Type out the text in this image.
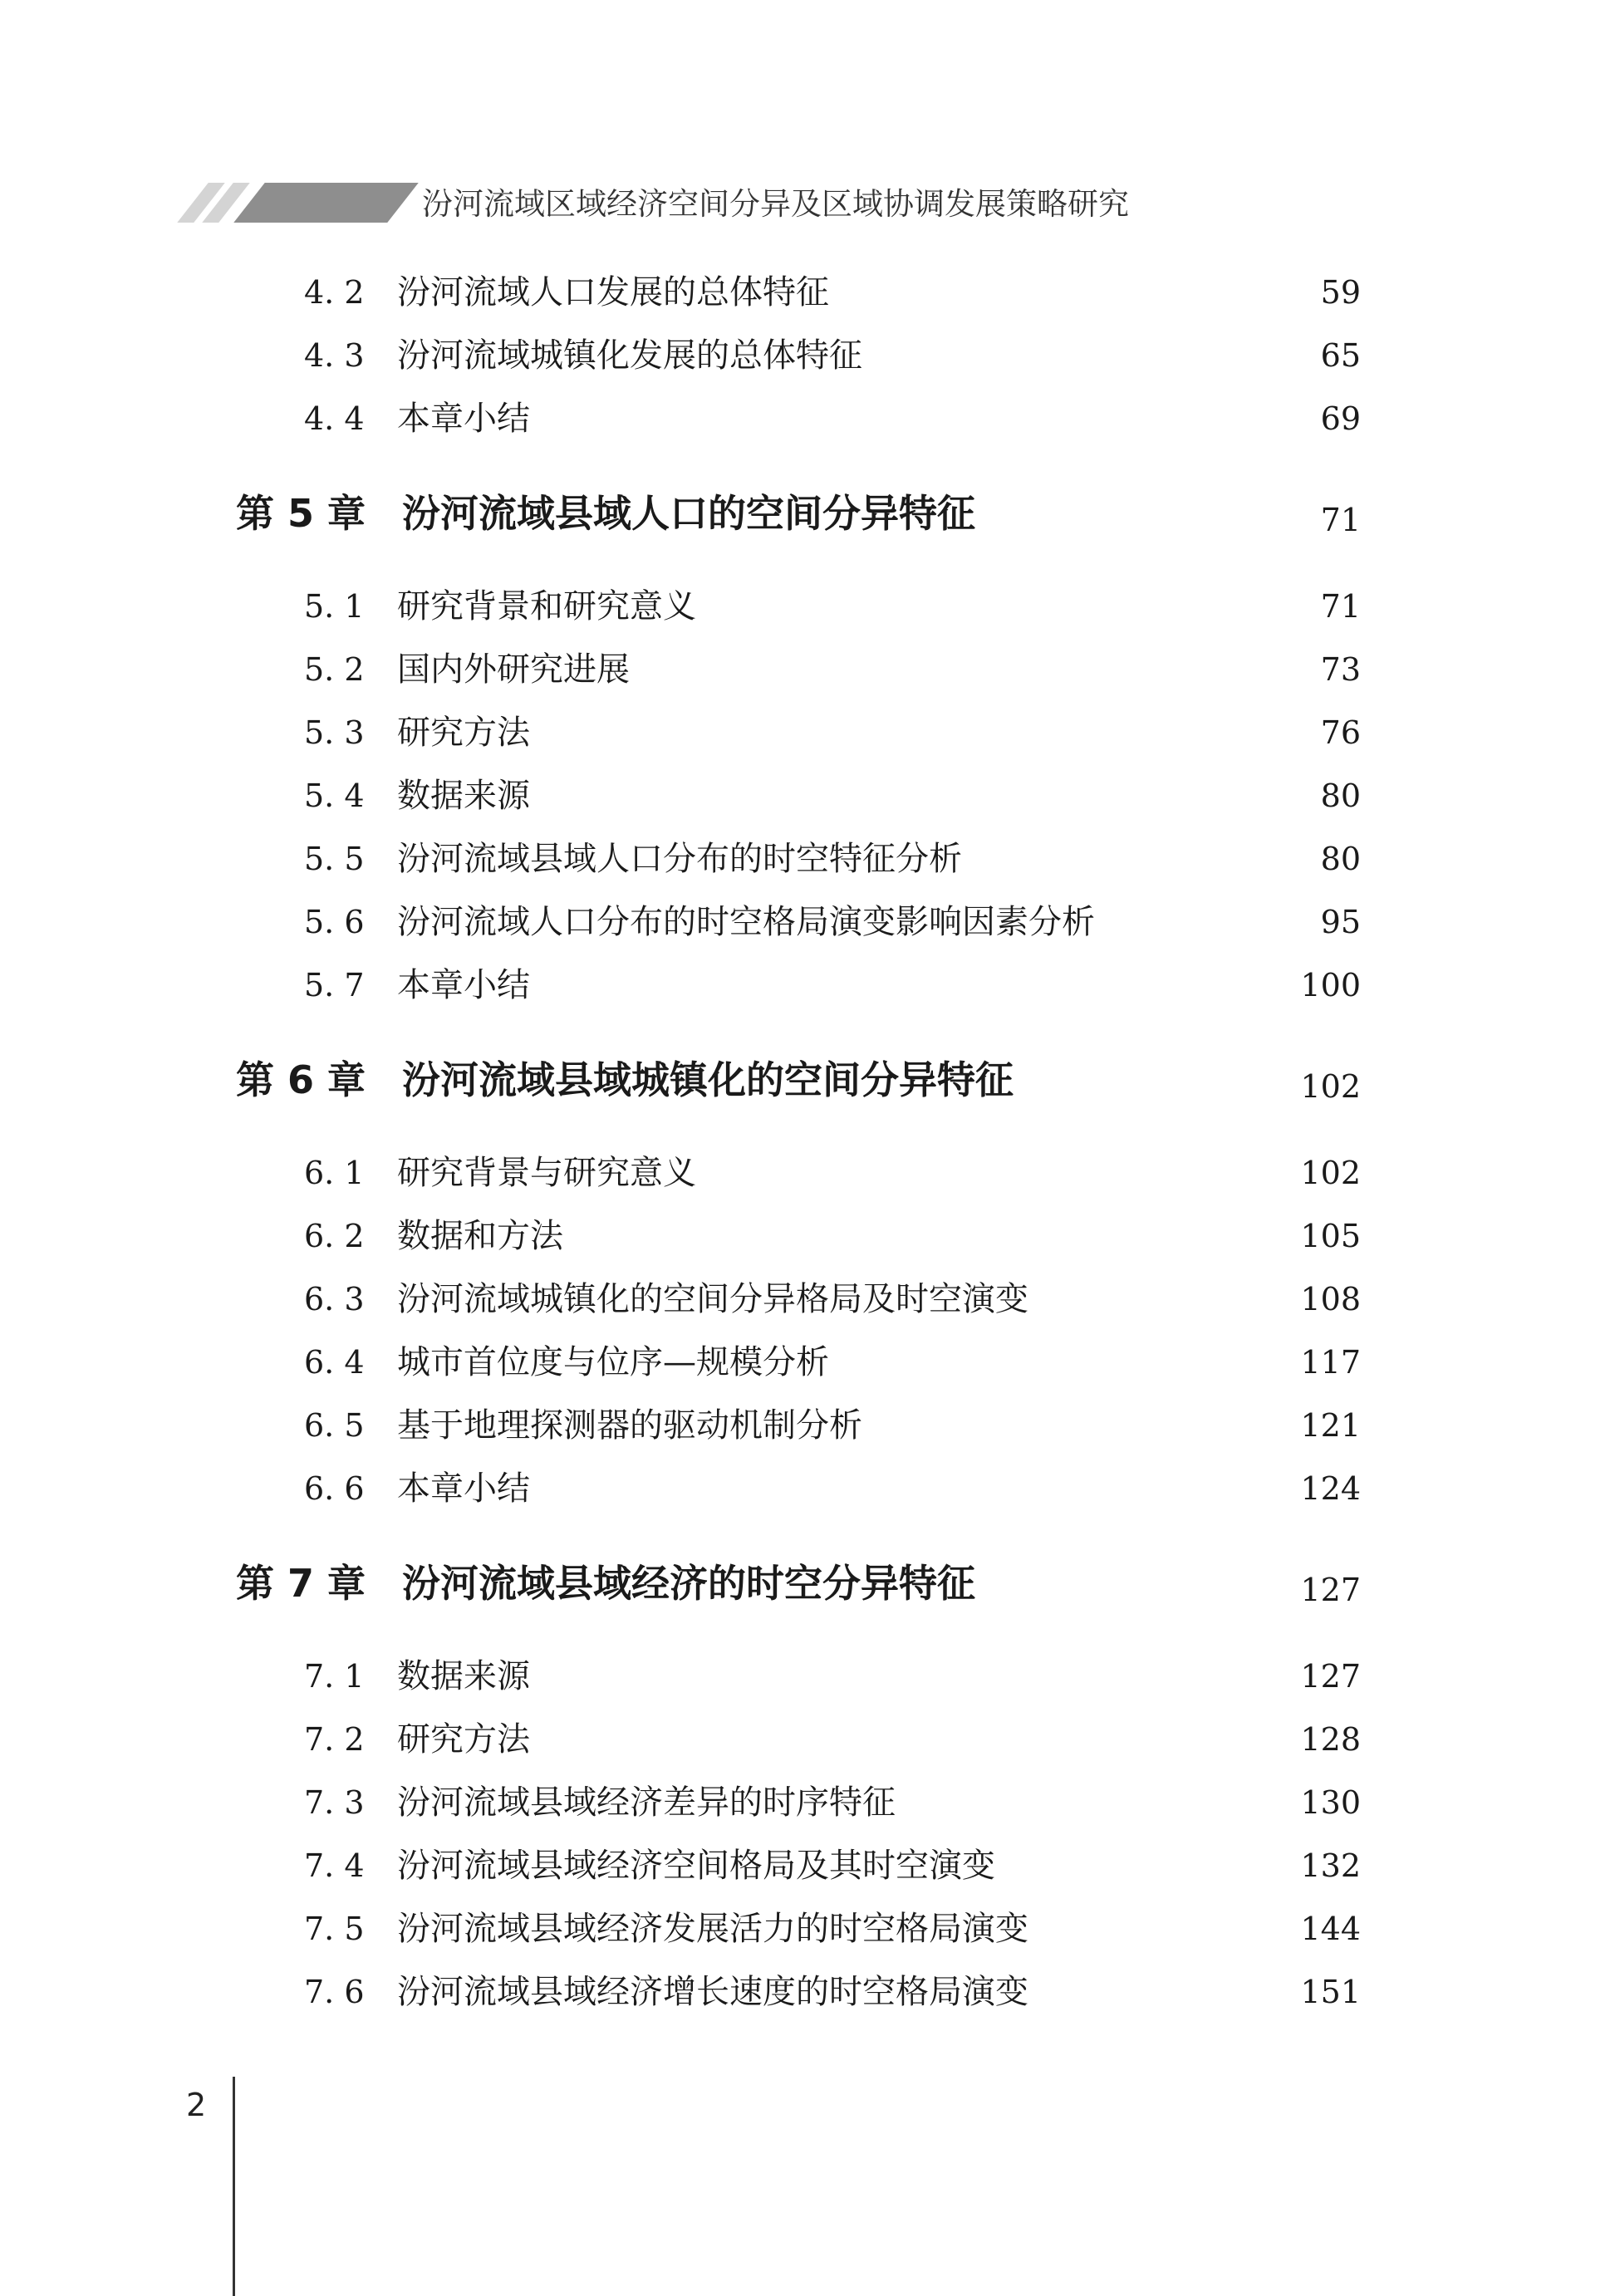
汾河流域区域经济空间分异及区域协调发展策略研究
4. 2 汾河流域人口发展的总体特征	59
4. 3 汾河流域城镇化发展的总体特征	65
4. 4 本章小结	69
第 5 章 汾河流域县域人口的空间分异特征	71
5. 1 研究背景和研究意义	71
5. 2 国内外研究进展	73
5. 3 研究方法	76
5. 4 数据来源	80
5. 5 汾河流域县域人口分布的时空特征分析	80
5. 6 汾河流域人口分布的时空格局演变影响因素分析	95
5. 7 本章小结	100
第 6 章 汾河流域县域城镇化的空间分异特征	102
6. 1 研究背景与研究意义	102
6. 2 数据和方法	105
6. 3 汾河流域城镇化的空间分异格局及时空演变	108
6. 4 城市首位度与位序—规模分析	117
6. 5 基于地理探测器的驱动机制分析	121
6. 6 本章小结	124
第 7 章 汾河流域县域经济的时空分异特征	127
7. 1 数据来源	127
7. 2 研究方法	128
7. 3 汾河流域县域经济差异的时序特征	130
7. 4 汾河流域县域经济空间格局及其时空演变	132
7. 5 汾河流域县域经济发展活力的时空格局演变	144
7. 6 汾河流域县域经济增长速度的时空格局演变	151
2
